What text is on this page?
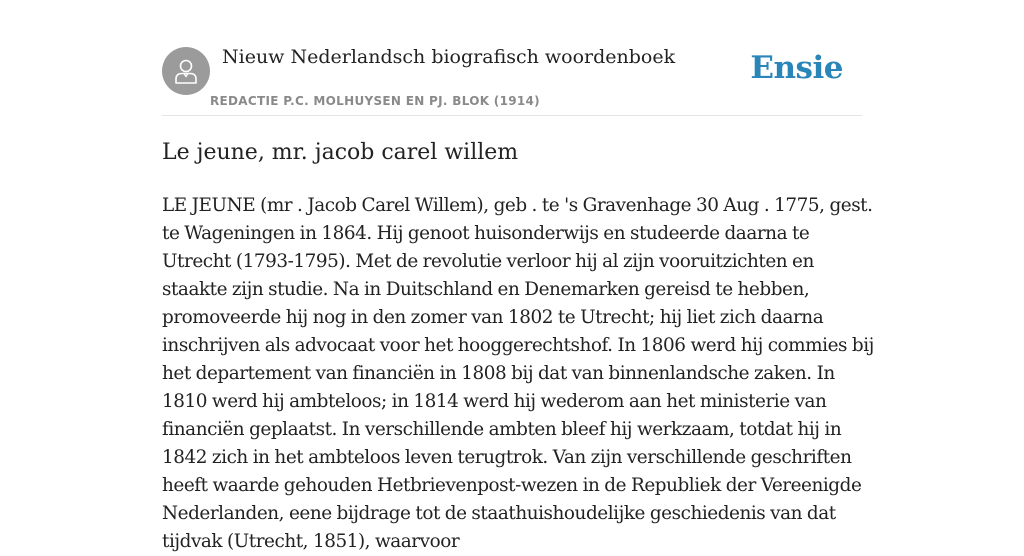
Nieuw Nederlandsch biografisch woordenboek
REDACTIE P.C. MOLHUYSEN EN PJ. BLOK (1914)
Ensie
Le jeune, mr. jacob carel willem

LE JEUNE (mr . Jacob Carel Willem), geb . te 's Gravenhage 30 Aug . 1775, gest. te Wageningen in 1864. Hij genoot huisonderwijs en studeerde daarna te Utrecht (1793-1795). Met de revolutie verloor hij al zijn vooruitzichten en staakte zijn studie. Na in Duitschland en Denemarken gereisd te hebben, promoveerde hij nog in den zomer van 1802 te Utrecht; hij liet zich daarna inschrijven als advocaat voor het hooggerechtshof. In 1806 werd hij commies bij het departement van financiën in 1808 bij dat van binnenlandsche zaken. In 1810 werd hij ambteloos; in 1814 werd hij wederom aan het ministerie van financiën geplaatst. In verschillende ambten bleef hij werkzaam, totdat hij in 1842 zich in het ambteloos leven terugtrok. Van zijn verschillende geschriften heeft waarde gehouden Hetbrievenpost-wezen in de Republiek der Vereenigde Nederlanden, eene bijdrage tot de staathuishoudelijke geschiedenis van dat tijdvak (Utrecht, 1851), waarvoor
